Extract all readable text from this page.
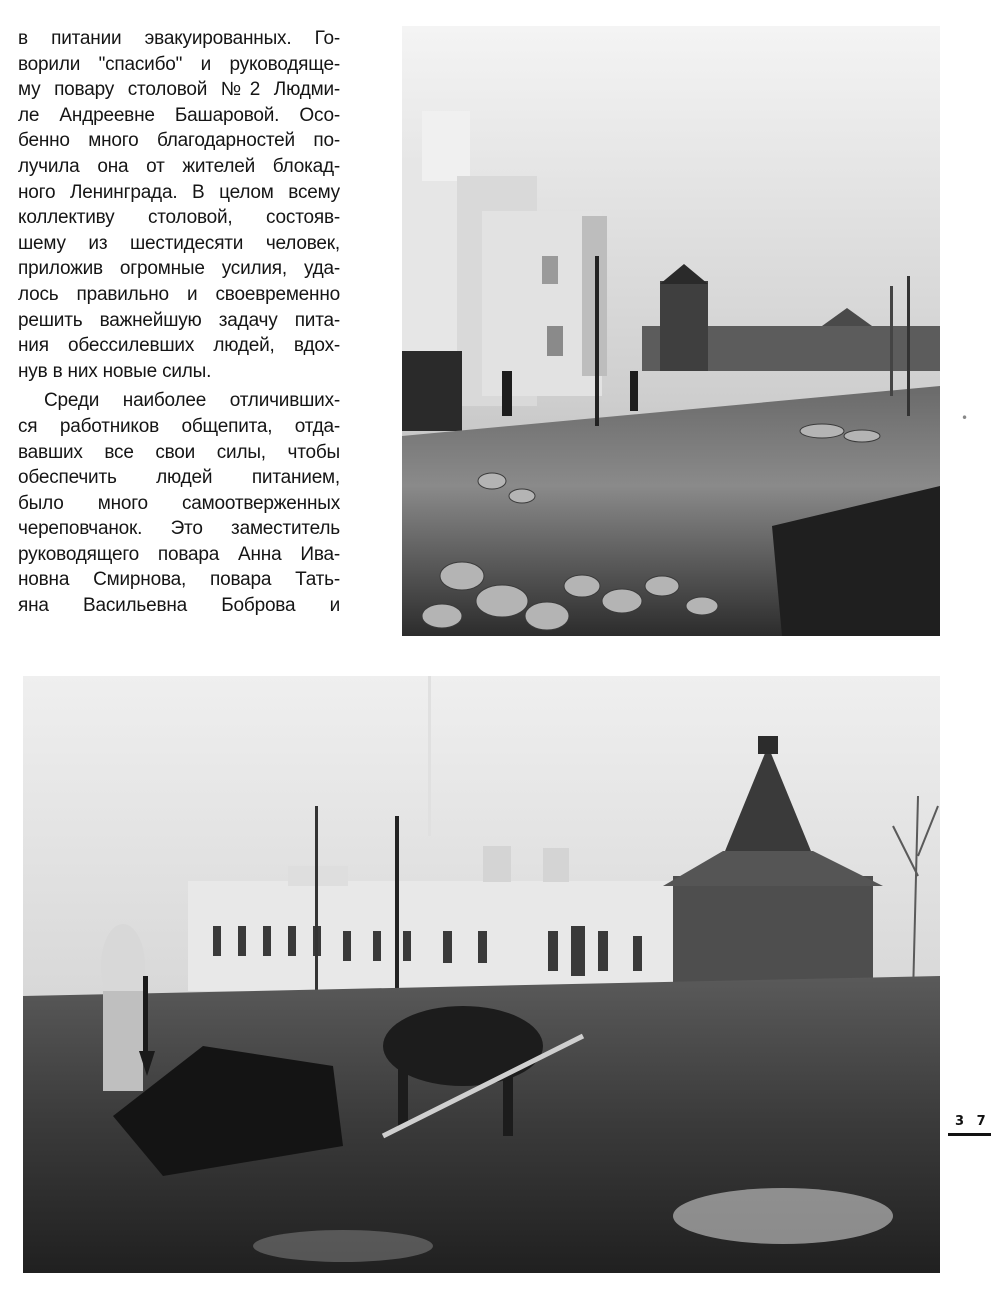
в питании эвакуированных. Го-
ворили "спасибо" и руководяще-
му повару столовой №2 Людми-
ле Андреевне Башаровой. Осо-
бенно много благодарностей по-
лучила она от жителей блокад-
ного Ленинграда. В целом всему
коллективу столовой, состояв-
шему из шестидесяти человек,
приложив огромные усилия, уда-
лось правильно и своевременно
решить важнейшую задачу пита-
ния обессилевших людей, вдох-
нув в них новые силы.
Среди наиболее отличивших-
ся работников общепита, отда-
вавших все свои силы, чтобы
обеспечить людей питанием,
было много самоотверженных
череповчанок. Это заместитель
руководящего повара Анна Ива-
новна Смирнова, повара Тать-
яна Васильевна Боброва и
•
3 7
